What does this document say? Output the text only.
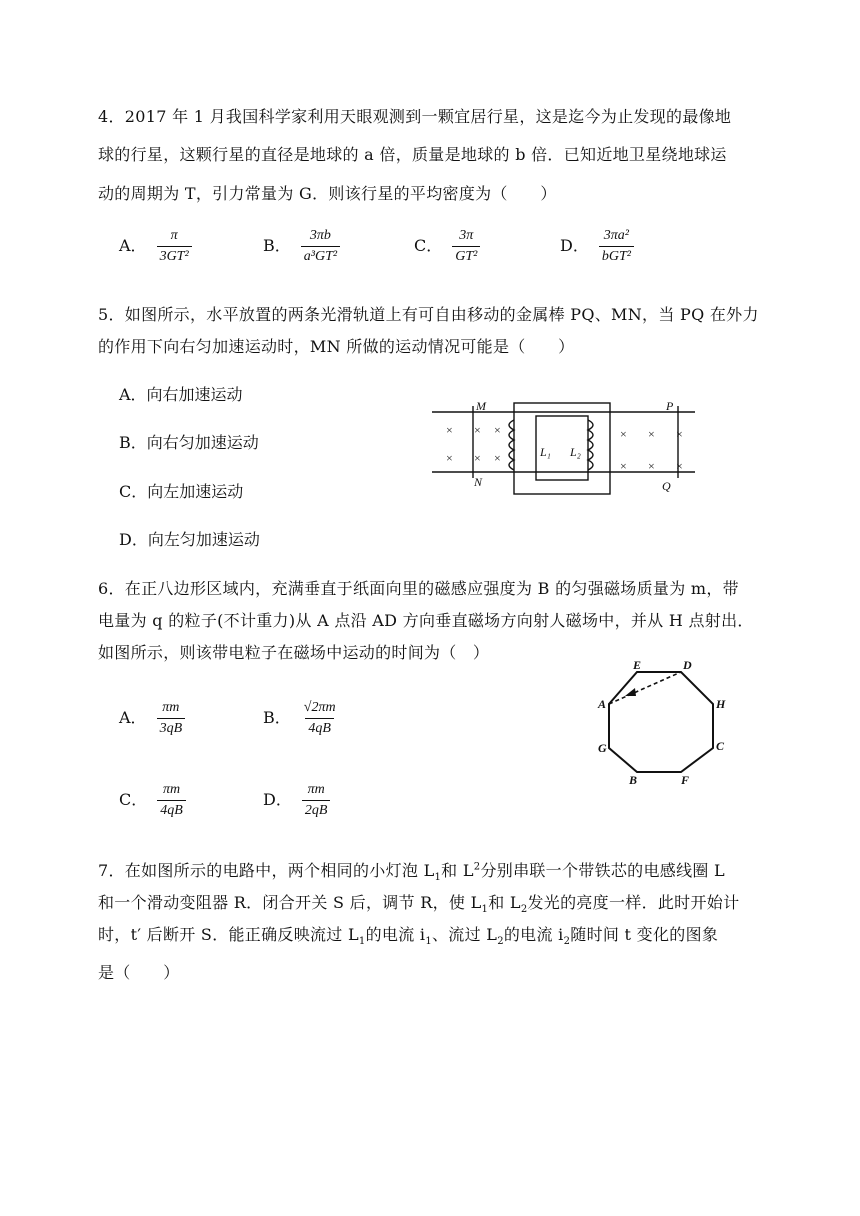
4．2017 年 1 月我国科学家利用天眼观测到一颗宜居行星，这是迄今为止发现的最像地
球的行星，这颗行星的直径是地球的 a 倍，质量是地球的 b 倍．已知近地卫星绕地球运
动的周期为 T，引力常量为 G．则该行星的平均密度为（　　）
A． $\frac{\pi}{\text{3GT²}}$	B． $\frac{3\pi b}{\text{a³GT²}}$	C． $\frac{3\pi}{\text{GT²}}$	D． $\frac{\text{3πa²}}{\text{bGT²}}$
5．如图所示，水平放置的两条光滑轨道上有可自由移动的金属棒 PQ、MN，当 PQ 在外力
的作用下向右匀加速运动时，MN 所做的运动情况可能是（　　）
A．向右加速运动
B．向右匀加速运动
C．向左加速运动
D．向左匀加速运动
M
N
P
Q
L₁ L₂
× × ×
× × ×
× × ×
× × ×
6．在正八边形区域内，充满垂直于纸面向里的磁感应强度为 B 的匀强磁场质量为 m，带
电量为 q 的粒子(不计重力)从 A 点沿 AD 方向垂直磁场方向射人磁场中，并从 H 点射出．
如图所示，则该带电粒子在磁场中运动的时间为（　）
A． $\frac{\pi m}{3qB}$	B． $\frac{√2\pi m}{4qB}$
C． $\frac{\pi m}{4qB}$	D． $\frac{\pi m}{2qB}$
E	D
A	H
G	C
B	F
7．在如图所示的电路中，两个相同的小灯泡 $L_1$和 $L^2$分别串联一个带铁芯的电感线圈 L
和一个滑动变阻器 R．闭合开关 S 后，调节 R，使 $L_1$和 $L_2$发光的亮度一样．此时开始计
时，t′ 后断开 S．能正确反映流过 $L_1$的电流 $i_1$、流过 $L_2$的电流 $i_2$随时间 t 变化的图象
是（　　）
